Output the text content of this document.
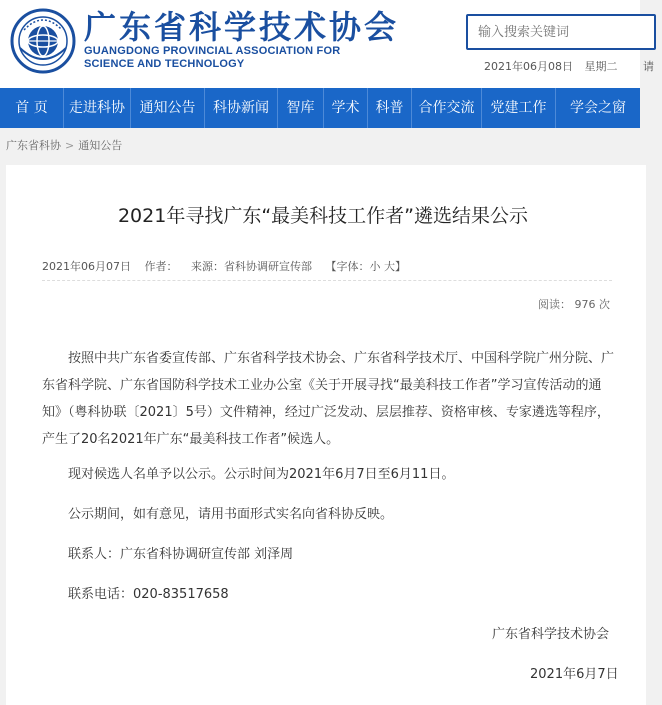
广东省科学技术协会
GUANGDONG PROVINCIAL ASSOCIATION FOR
SCIENCE AND TECHNOLOGY
输入搜索关键词	2021年06月08日 星期二 请
首 页	走进科协	通知公告	科协新闻	智库	学术	科普	合作交流	党建工作	学会之窗
广东省科协 > 通知公告
2021年寻找广东“最美科技工作者”遴选结果公示
2021年06月07日 作者： 来源：省科协调研宣传部 【字体：小 大】
阅读： 976 次

按照中共广东省委宣传部、广东省科学技术协会、广东省科学技术厅、中国科学院广州分院、广东省科学院、广东省国防科学技术工业办公室《关于开展寻找“最美科技工作者”学习宣传活动的通知》（粤科协联〔2021〕5号）文件精神，经过广泛发动、层层推荐、资格审核、专家遴选等程序，产生了20名2021年广东“最美科技工作者”候选人。

现对候选人名单予以公示。公示时间为2021年6月7日至6月11日。

公示期间，如有意见，请用书面形式实名向省科协反映。

联系人：广东省科协调研宣传部 刘泽周

联系电话：020-83517658

广东省科学技术协会
2021年6月7日
